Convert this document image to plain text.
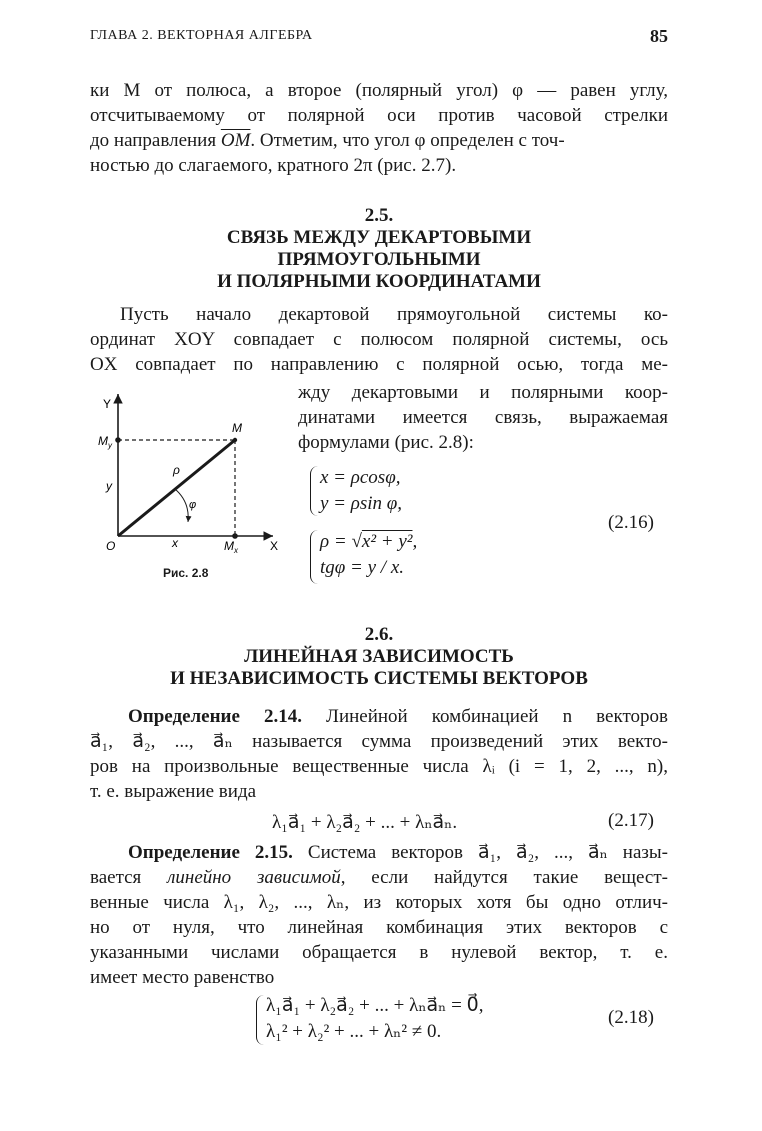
ГЛАВА 2. ВЕКТОРНАЯ АЛГЕБРА	85
ки M от полюса, а второе (полярный угол) φ — равен углу,
отсчитываемому от полярной оси против часовой стрелки
до направления $\overline{OM}$. Отметим, что угол φ определен с точ-
ностью до слагаемого, кратного 2π (рис. 2.7).
2.5.
СВЯЗЬ МЕЖДУ ДЕКАРТОВЫМИ
ПРЯМОУГОЛЬНЫМИ
И ПОЛЯРНЫМИ КООРДИНАТАМИ
Пусть начало декартовой прямоугольной системы ко-
ординат XOY совпадает с полюсом полярной системы, ось
OX совпадает по направлению с полярной осью, тогда ме-
жду декартовыми и полярными коор-
динатами имеется связь, выражаемая
формулами (рис. 2.8):
Y
X
O
M
$M_y$
$M_x$
y
x
ρ
φ
Рис. 2.8
x = ρcosφ,
y = ρsin φ,
ρ = √x² + y²,
tgφ = y / x.
(2.16)
2.6.
ЛИНЕЙНАЯ ЗАВИСИМОСТЬ
И НЕЗАВИСИМОСТЬ СИСТЕМЫ ВЕКТОРОВ
Определение 2.14. Линейной комбинацией n векторов
a⃗₁, a⃗₂, ..., a⃗ₙ называется сумма произведений этих векто-
ров на произвольные вещественные числа λᵢ (i = 1, 2, ..., n),
т. е. выражение вида
λ₁a⃗₁ + λ₂a⃗₂ + ... + λₙa⃗ₙ.	(2.17)
Определение 2.15. Система векторов a⃗₁, a⃗₂, ..., a⃗ₙ назы-
вается линейно зависимой, если найдутся такие вещест-
венные числа λ₁, λ₂, ..., λₙ, из которых хотя бы одно отлич-
но от нуля, что линейная комбинация этих векторов с
указанными числами обращается в нулевой вектор, т. е.
имеет место равенство
λ₁a⃗₁ + λ₂a⃗₂ + ... + λₙa⃗ₙ = 0⃗,
λ₁² + λ₂² + ... + λₙ² ≠ 0.
(2.18)
